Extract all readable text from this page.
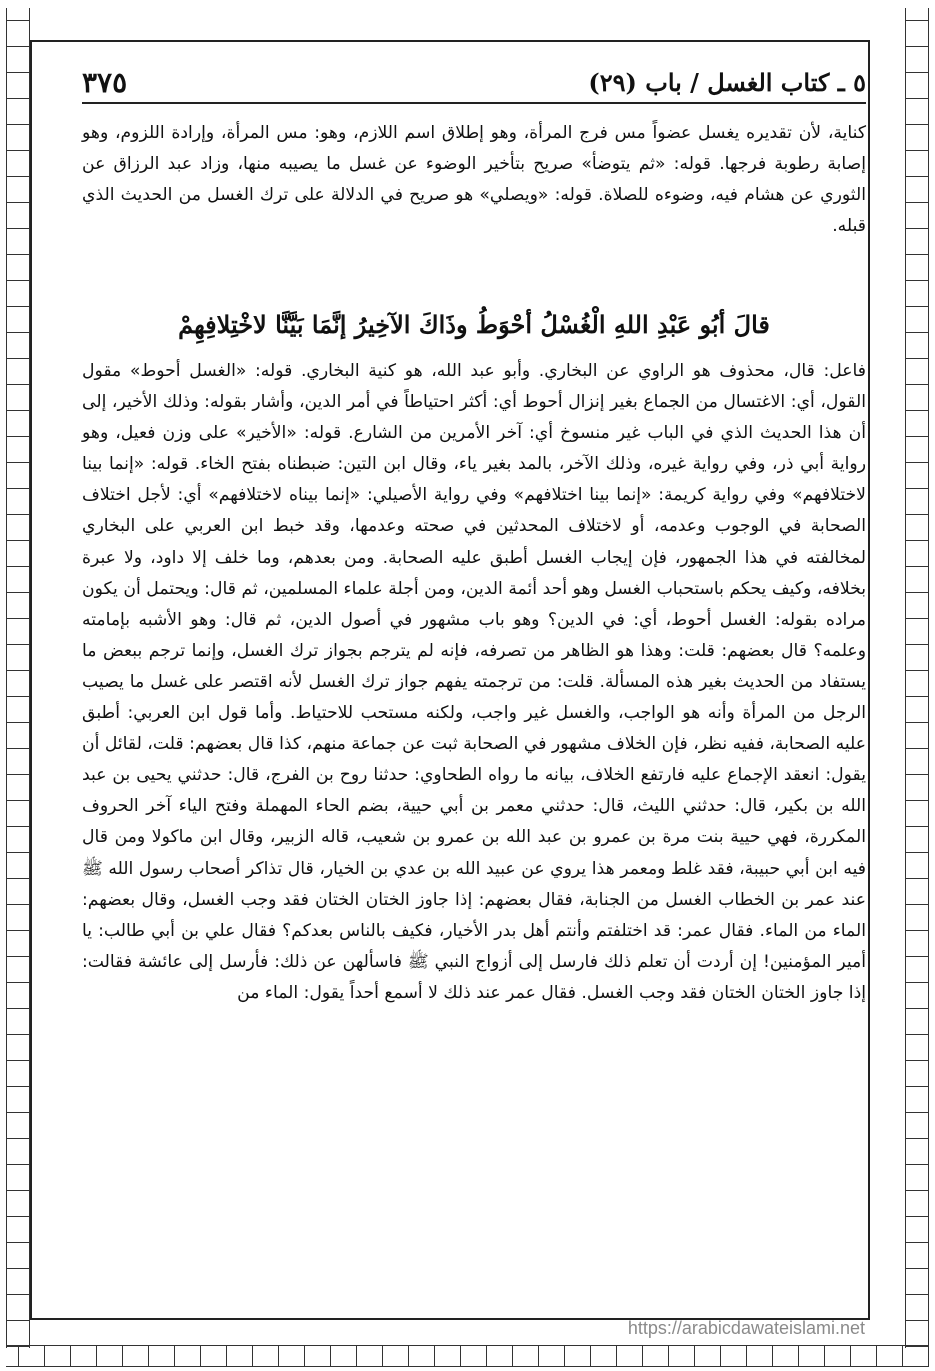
٥ ـ كتاب الغسل / باب (٢٩)
٣٧٥
كناية، لأن تقديره يغسل عضواً مس فرج المرأة، وهو إطلاق اسم اللازم، وهو: مس المرأة، وإرادة اللزوم، وهو إصابة رطوبة فرجها. قوله: «ثم يتوضأ» صريح بتأخير الوضوء عن غسل ما يصيبه منها، وزاد عبد الرزاق عن الثوري عن هشام فيه، وضوءه للصلاة. قوله: «ويصلي» هو صريح في الدلالة على ترك الغسل من الحديث الذي قبله.
قالَ أبُو عَبْدِ اللهِ الْغُسْلُ أحْوَطُ وذَاكَ الآخِيرُ إنَّمَا بَيَّنَّا لاخْتِلافِهِمْ
فاعل: قال، محذوف هو الراوي عن البخاري. وأبو عبد الله، هو كنية البخاري. قوله: «الغسل أحوط» مقول القول، أي: الاغتسال من الجماع بغير إنزال أحوط أي: أكثر احتياطاً في أمر الدين، وأشار بقوله: وذلك الأخير، إلى أن هذا الحديث الذي في الباب غير منسوخ أي: آخر الأمرين من الشارع. قوله: «الأخير» على وزن فعيل، وهو رواية أبي ذر، وفي رواية غيره، وذلك الآخر، بالمد بغير ياء، وقال ابن التين: ضبطناه بفتح الخاء. قوله: «إنما بينا لاختلافهم» وفي رواية كريمة: «إنما بينا اختلافهم» وفي رواية الأصيلي: «إنما بيناه لاختلافهم» أي: لأجل اختلاف الصحابة في الوجوب وعدمه، أو لاختلاف المحدثين في صحته وعدمها، وقد خبط ابن العربي على البخاري لمخالفته في هذا الجمهور، فإن إيجاب الغسل أطبق عليه الصحابة. ومن بعدهم، وما خلف إلا داود، ولا عبرة بخلافه، وكيف يحكم باستحباب الغسل وهو أحد أئمة الدين، ومن أجلة علماء المسلمين، ثم قال: ويحتمل أن يكون مراده بقوله: الغسل أحوط، أي: في الدين؟ وهو باب مشهور في أصول الدين، ثم قال: وهو الأشبه بإمامته وعلمه؟ قال بعضهم: قلت: وهذا هو الظاهر من تصرفه، فإنه لم يترجم بجواز ترك الغسل، وإنما ترجم ببعض ما يستفاد من الحديث بغير هذه المسألة. قلت: من ترجمته يفهم جواز ترك الغسل لأنه اقتصر على غسل ما يصيب الرجل من المرأة وأنه هو الواجب، والغسل غير واجب، ولكنه مستحب للاحتياط. وأما قول ابن العربي: أطبق عليه الصحابة، ففيه نظر، فإن الخلاف مشهور في الصحابة ثبت عن جماعة منهم، كذا قال بعضهم: قلت، لقائل أن يقول: انعقد الإجماع عليه فارتفع الخلاف، بيانه ما رواه الطحاوي: حدثنا روح بن الفرج، قال: حدثني يحيى بن عبد الله بن بكير، قال: حدثني الليث، قال: حدثني معمر بن أبي حيية، بضم الحاء المهملة وفتح الياء آخر الحروف المكررة، فهي حيية بنت مرة بن عمرو بن عبد الله بن عمرو بن شعيب، قاله الزبير، وقال ابن ماكولا ومن قال فيه ابن أبي حبيبة، فقد غلط ومعمر هذا يروي عن عبيد الله بن عدي بن الخيار، قال تذاكر أصحاب رسول الله ﷺ عند عمر بن الخطاب الغسل من الجنابة، فقال بعضهم: إذا جاوز الختان الختان فقد وجب الغسل، وقال بعضهم: الماء من الماء. فقال عمر: قد اختلفتم وأنتم أهل بدر الأخيار، فكيف بالناس بعدكم؟ فقال علي بن أبي طالب: يا أمير المؤمنين! إن أردت أن تعلم ذلك فارسل إلى أزواج النبي ﷺ فاسألهن عن ذلك: فأرسل إلى عائشة فقالت: إذا جاوز الختان الختان فقد وجب الغسل. فقال عمر عند ذلك لا أسمع أحداً يقول: الماء من
https://arabicdawateislami.net
